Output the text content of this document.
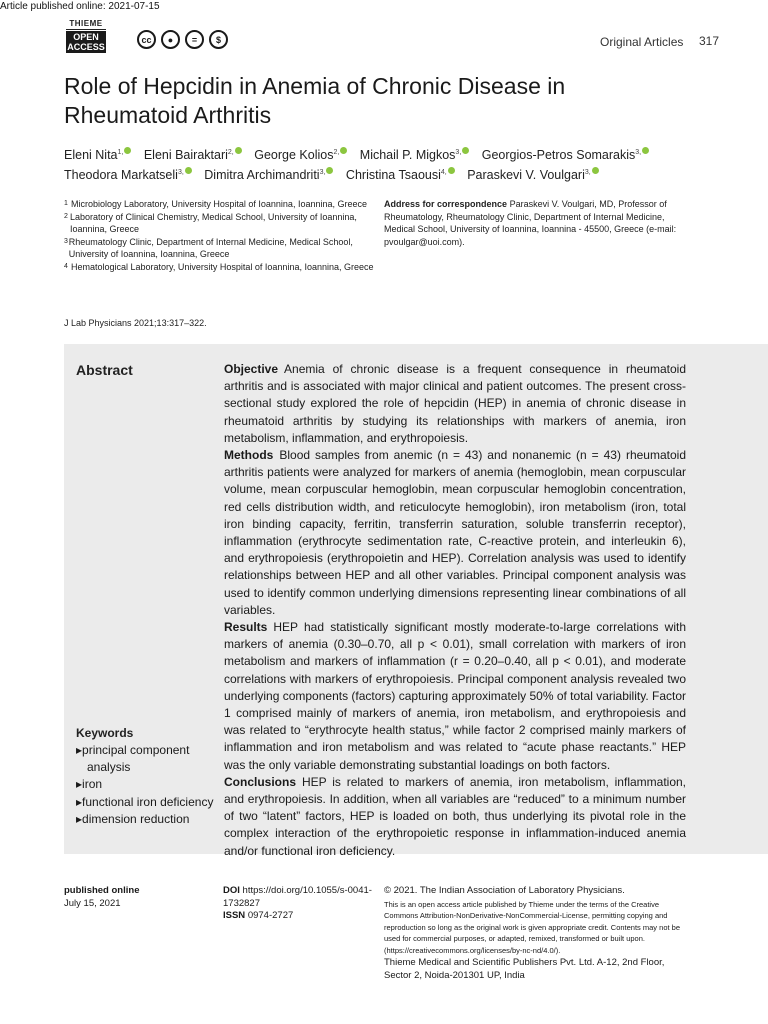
Article published online: 2021-07-15
THIEME
OPEN ACCESS
cc	●	=	$	Original Articles 317
Role of Hepcidin in Anemia of Chronic Disease in Rheumatoid Arthritis
Eleni Nita$^{1,}$ Eleni Bairaktari$^{2,}$ George Kolios$^{2,}$ Michail P. Migkos$^{3,}$ Georgios-Petros Somarakis$^{3,}$
Theodora Markatseli$^{3,}$ Dimitra Archimandriti$^{3,}$ Christina Tsaousi$^{4,}$ Paraskevi V. Voulgari$^{3,}$
1 Microbiology Laboratory, University Hospital of Ioannina, Ioannina, Greece
2 Laboratory of Clinical Chemistry, Medical School, University of Ioannina, Ioannina, Greece
3 Rheumatology Clinic, Department of Internal Medicine, Medical School, University of Ioannina, Ioannina, Greece
4 Hematological Laboratory, University Hospital of Ioannina, Ioannina, Greece
Address for correspondence Paraskevi V. Voulgari, MD, Professor of Rheumatology, Rheumatology Clinic, Department of Internal Medicine, Medical School, University of Ioannina, Ioannina - 45500, Greece (e-mail: pvoulgar@uoi.com).
J Lab Physicians 2021;13:317–322.
Abstract	Objective Anemia of chronic disease is a frequent consequence in rheumatoid arthritis and is associated with major clinical and patient outcomes. The present cross-sectional study explored the role of hepcidin (HEP) in anemia of chronic disease in rheumatoid arthritis by studying its relationships with markers of anemia, iron metabolism, inflammation, and erythropoiesis.

Methods Blood samples from anemic (n = 43) and nonanemic (n = 43) rheumatoid arthritis patients were analyzed for markers of anemia (hemoglobin, mean corpuscular volume, mean corpuscular hemoglobin, mean corpuscular hemoglobin concentration, red cells distribution width, and reticulocyte hemoglobin), iron metabolism (iron, total iron binding capacity, ferritin, transferrin saturation, soluble transferrin receptor), inflammation (erythrocyte sedimentation rate, C-reactive protein, and interleukin 6), and erythropoiesis (erythropoietin and HEP). Correlation analysis was used to identify relationships between HEP and all other variables. Principal component analysis was used to identify common underlying dimensions representing linear combinations of all variables.

Results HEP had statistically significant mostly moderate-to-large correlations with markers of anemia (0.30–0.70, all p < 0.01), small correlation with markers of iron metabolism and markers of inflammation (r = 0.20–0.40, all p < 0.01), and moderate correlations with markers of erythropoiesis. Principal component analysis revealed two underlying components (factors) capturing approximately 50% of total variability. Factor 1 comprised mainly of markers of anemia, iron metabolism, and erythropoiesis and was related to “erythrocyte health status,” while factor 2 comprised mainly markers of inflammation and iron metabolism and was related to “acute phase reactants.” HEP was the only variable demonstrating substantial loadings on both factors.

Conclusions HEP is related to markers of anemia, iron metabolism, inflammation, and erythropoiesis. In addition, when all variables are “reduced” to a minimum number of two “latent” factors, HEP is loaded on both, thus underlying its pivotal role in the complex interaction of the erythropoietic response in inflammation-induced anemia and/or functional iron deficiency.

Keywords
▸ principal component analysis
▸ iron
▸ functional iron deficiency
▸ dimension reduction
published online
July 15, 2021
DOI https://doi.org/10.1055/s-0041-1732827
ISSN 0974-2727
© 2021. The Indian Association of Laboratory Physicians.
This is an open access article published by Thieme under the terms of the Creative Commons Attribution-NonDerivative-NonCommercial-License, permitting copying and reproduction so long as the original work is given appropriate credit. Contents may not be used for commercial purposes, or adapted, remixed, transformed or built upon. (https://creativecommons.org/licenses/by-nc-nd/4.0/).
Thieme Medical and Scientific Publishers Pvt. Ltd. A-12, 2nd Floor, Sector 2, Noida-201301 UP, India
